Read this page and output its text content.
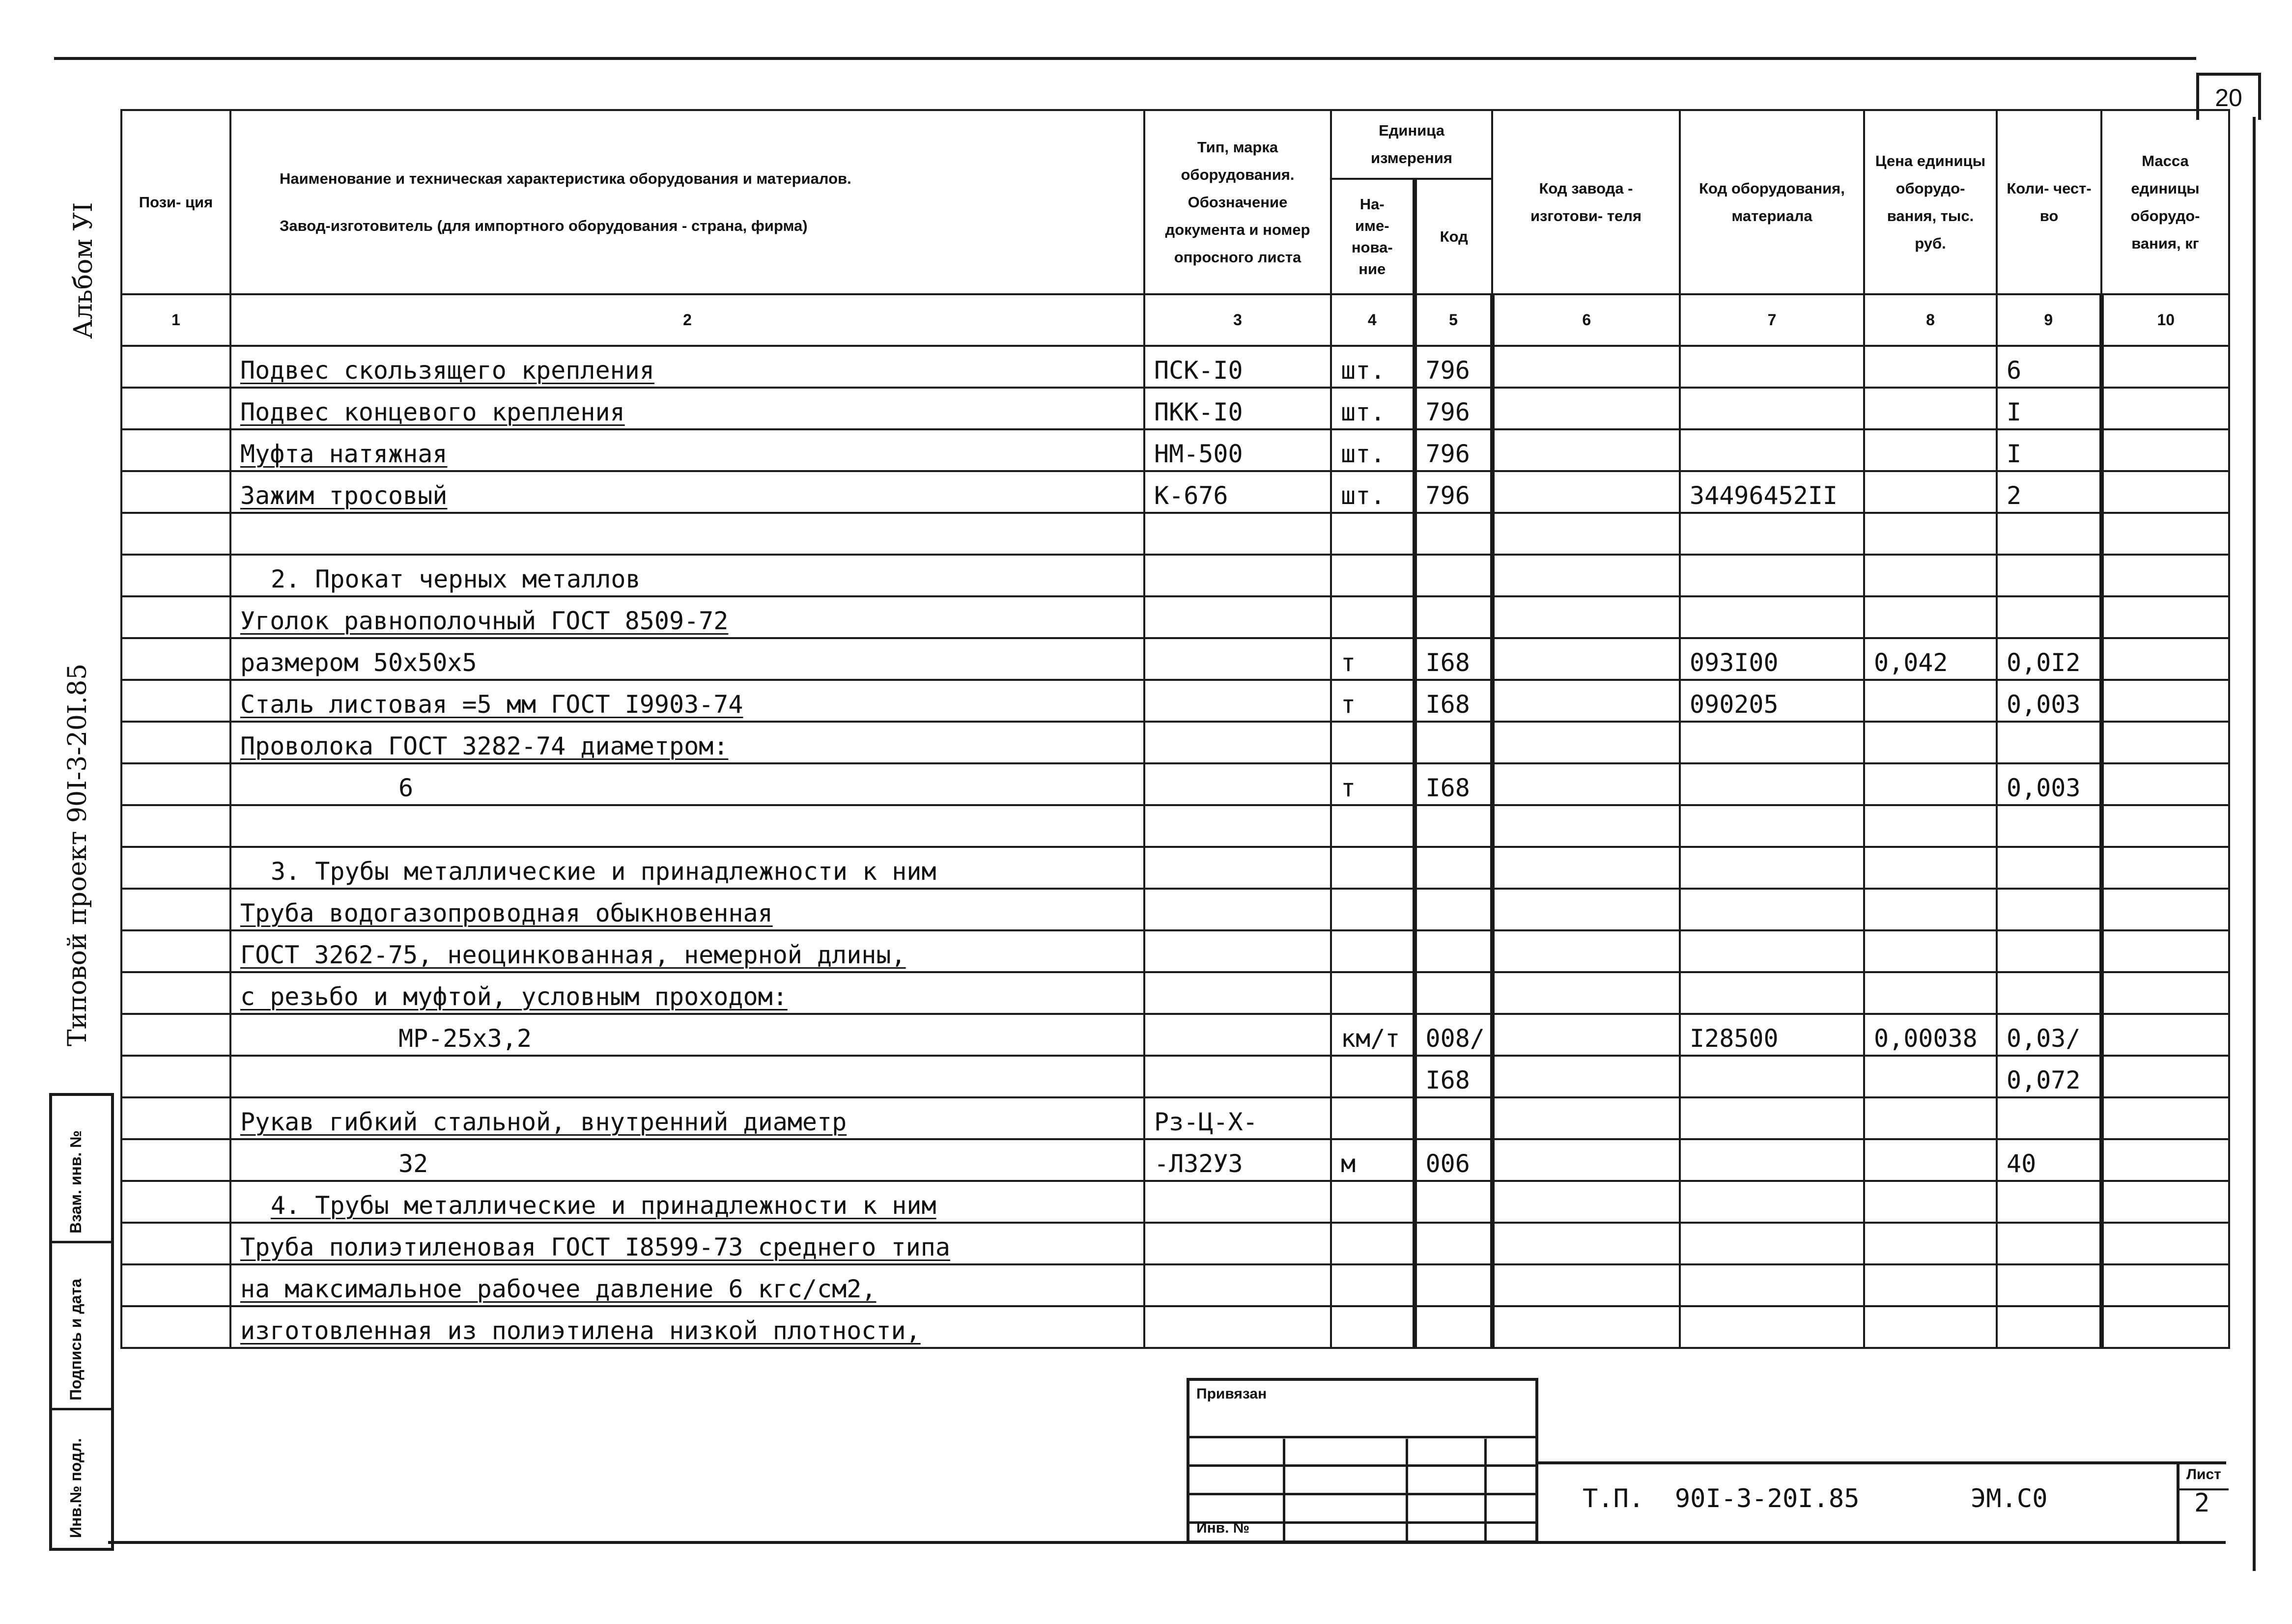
20
Альбом УI
Типовой проект 90I-3-20I.85
Пози- ция	Наименование и техническая характеристика оборудования и материалов.
Завод-изготовитель (для импортного оборудования - страна, фирма)	Тип, марка оборудования. Обозначение документа и номер опросного листа	Единица измерения		Код завода - изготови- теля	Код оборудования, материала	Цена единицы оборудо- вания, тыс. руб.	Коли- чест- во	Масса единицы оборудо- вания, кг
			На- име- нова- ние	Код					
1	2	3	4	5	6	7	8	9	10
	Подвес скользящего крепления	ПСК-I0	шт.	796				6	
	Подвес концевого крепления	ПКК-I0	шт.	796				I	
	Муфта натяжная	НМ-500	шт.	796				I	
	Зажим тросовый	К-676	шт.	796		34496452II		2	

	2. Прокат черных металлов								
	Уголок равнополочный ГОСТ 8509-72								
	размером 50х50х5		т	I68		093I00	0,042	0,0I2	
	Сталь листовая =5 мм ГОСТ I9903-74		т	I68		090205		0,003	
	Проволока ГОСТ 3282-74 диаметром:								
	6		т	I68				0,003	

	3. Трубы металлические и принадлежности к ним								
	Труба водогазопроводная обыкновенная								
	ГОСТ 3262-75, неоцинкованная, немерной длины,								
	с резьбо и муфтой, условным проходом:								
	МР-25х3,2		км/т	008/		I28500	0,00038	0,03/	
				I68				0,072	
	Рукав гибкий стальной, внутренний диаметр	Рз-Ц-Х-							
	32	-Л32У3	м	006				40	
	4. Трубы металлические и принадлежности к ним								
	Труба полиэтиленовая ГОСТ I8599-73 среднего типа								
	на максимальное рабочее давление 6 кгс/см2,								
	изготовленная из полиэтилена низкой плотности,								
Взам. инв. №
Подпись и дата
Инв.№ подл.
Привязан
Инв. №
Т.П.  90I-3-20I.85	ЭМ.С0
Лист
2
